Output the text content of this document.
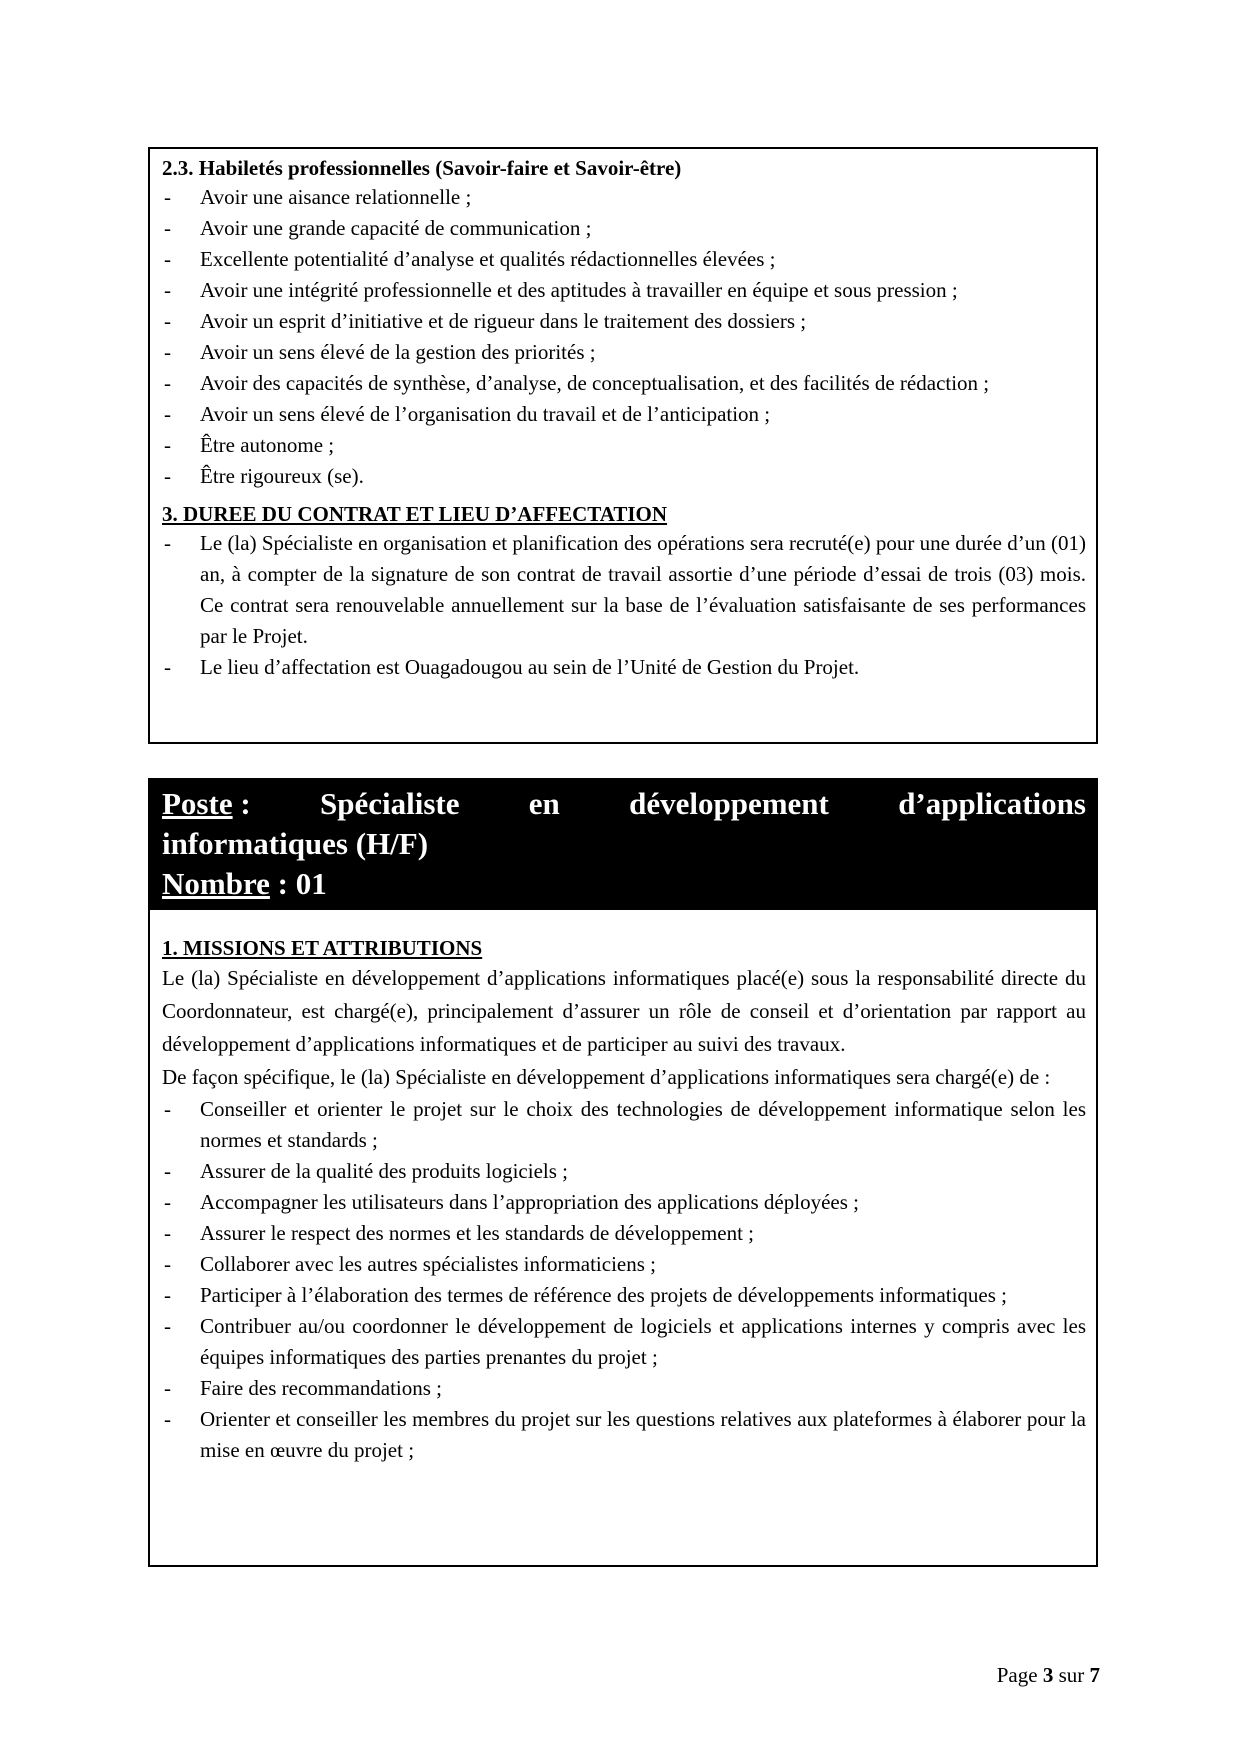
2.3. Habiletés professionnelles (Savoir-faire et Savoir-être)
- Avoir une aisance relationnelle ;
- Avoir une grande capacité de communication ;
- Excellente potentialité d’analyse et qualités rédactionnelles élevées ;
- Avoir une intégrité professionnelle et des aptitudes à travailler en équipe et sous pression ;
- Avoir un esprit d’initiative et de rigueur dans le traitement des dossiers ;
- Avoir un sens élevé de la gestion des priorités ;
- Avoir des capacités de synthèse, d’analyse, de conceptualisation, et des facilités de rédaction ;
- Avoir un sens élevé de l’organisation du travail et de l’anticipation ;
- Être autonome ;
- Être rigoureux (se).
3. DUREE DU CONTRAT ET LIEU D’AFFECTATION
- Le (la) Spécialiste en organisation et planification des opérations sera recruté(e) pour une durée d’un (01) an, à compter de la signature de son contrat de travail assortie d’une période d’essai de trois (03) mois. Ce contrat sera renouvelable annuellement sur la base de l’évaluation satisfaisante de ses performances par le Projet.
- Le lieu d’affectation est Ouagadougou au sein de l’Unité de Gestion du Projet.
Poste : Spécialiste en développement d’applications
informatiques (H/F)
Nombre : 01
1. MISSIONS ET ATTRIBUTIONS
Le (la) Spécialiste en développement d’applications informatiques placé(e) sous la responsabilité directe du Coordonnateur, est chargé(e), principalement d’assurer un rôle de conseil et d’orientation par rapport au développement d’applications informatiques et de participer au suivi des travaux.
De façon spécifique, le (la) Spécialiste en développement d’applications informatiques sera chargé(e) de :
- Conseiller et orienter le projet sur le choix des technologies de développement informatique selon les normes et standards ;
- Assurer de la qualité des produits logiciels ;
- Accompagner les utilisateurs dans l’appropriation des applications déployées ;
- Assurer le respect des normes et les standards de développement ;
- Collaborer avec les autres spécialistes informaticiens ;
- Participer à l’élaboration des termes de référence des projets de développements informatiques ;
- Contribuer au/ou coordonner le développement de logiciels et applications internes y compris avec les équipes informatiques des parties prenantes du projet ;
- Faire des recommandations ;
- Orienter et conseiller les membres du projet sur les questions relatives aux plateformes à élaborer pour la mise en œuvre du projet ;
Page 3 sur 7
